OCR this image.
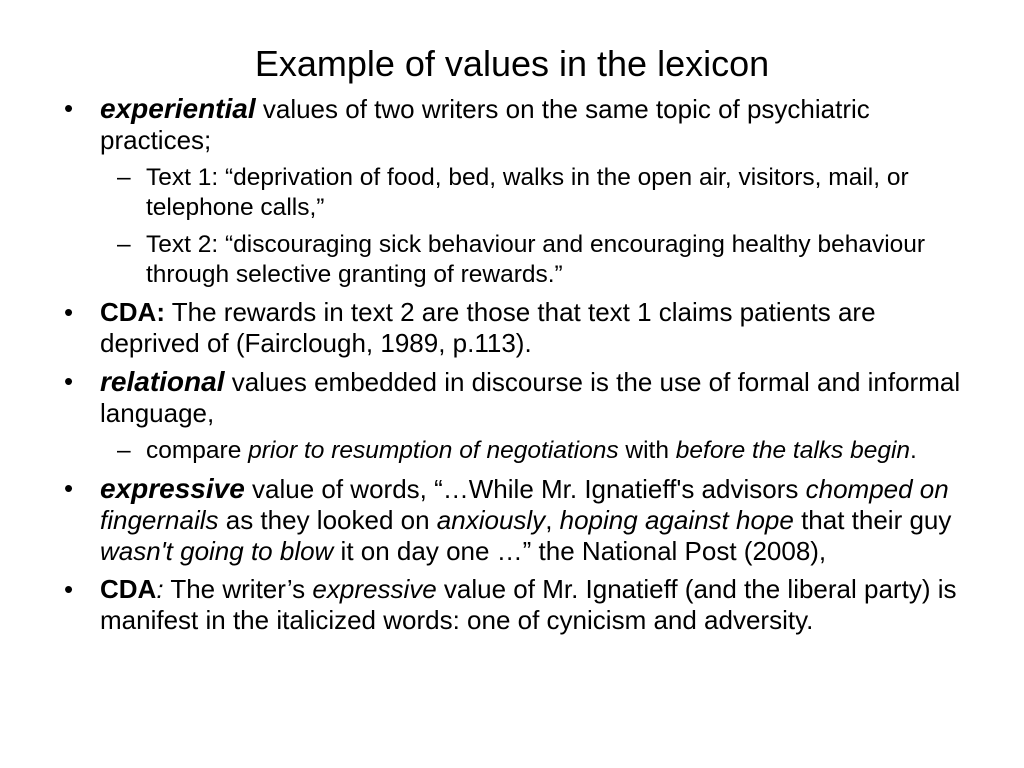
Example of values in the lexicon
• experiential values of two writers on the same topic of psychiatric practices;
– Text 1: “deprivation of food, bed, walks in the open air, visitors, mail, or telephone calls,”
– Text 2: “discouraging sick behaviour and encouraging healthy behaviour through selective granting of rewards.”
• CDA: The rewards in text 2 are those that text 1 claims patients are deprived of (Fairclough, 1989, p.113).
• relational values embedded in discourse is the use of formal and informal language,
– compare prior to resumption of negotiations with before the talks begin.
• expressive value of words, “…While Mr. Ignatieff's advisors chomped on fingernails as they looked on anxiously, hoping against hope that their guy wasn't going to blow it on day one …” the National Post (2008),
• CDA: The writer’s expressive value of Mr. Ignatieff (and the liberal party) is manifest in the italicized words: one of cynicism and adversity.
